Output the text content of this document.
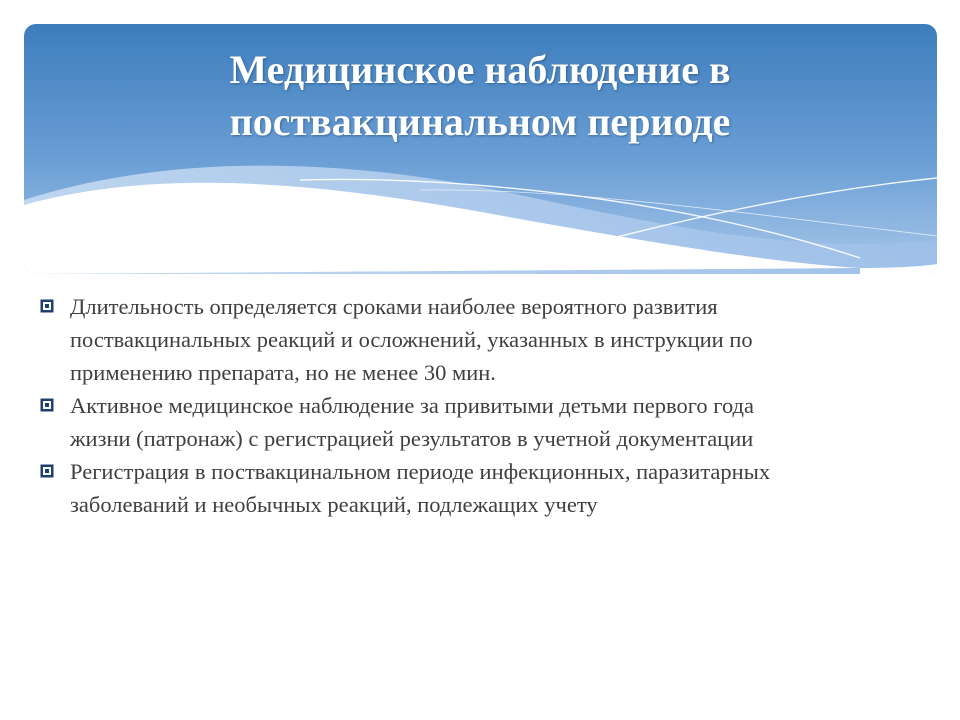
Медицинское наблюдение в
поствакцинальном периоде
Длительность определяется сроками наиболее вероятного развития
поствакцинальных реакций и осложнений, указанных в инструкции по
применению препарата, но не менее 30 мин.
Активное медицинское наблюдение за привитыми детьми первого года
жизни (патронаж) с регистрацией результатов в учетной документации
Регистрация в поствакцинальном периоде инфекционных, паразитарных
заболеваний и необычных реакций, подлежащих учету
